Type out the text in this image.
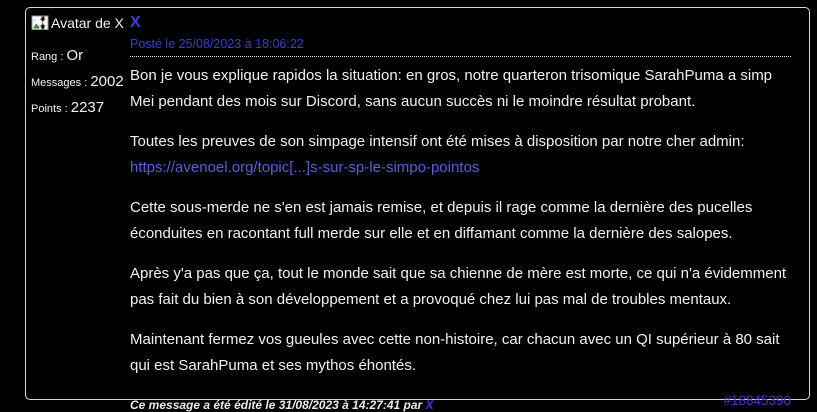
Avatar de X
Rang : Or
Messages : 2002
Points : 2237
X
Posté le 25/08/2023 à 18:06:22

Bon je vous explique rapidos la situation: en gros, notre quarteron trisomique SarahPuma a simp Mei pendant des mois sur Discord, sans aucun succès ni le moindre résultat probant.

Toutes les preuves de son simpage intensif ont été mises à disposition par notre cher admin:
https://avenoel.org/topic[...]s-sur-sp-le-simpo-pointos

Cette sous-merde ne s'en est jamais remise, et depuis il rage comme la dernière des pucelles éconduites en racontant full merde sur elle et en diffamant comme la dernière des salopes.

Après y'a pas que ça, tout le monde sait que sa chienne de mère est morte, ce qui n'a évidemment pas fait du bien à son développement et a provoqué chez lui pas mal de troubles mentaux.

Maintenant fermez vos gueules avec cette non-histoire, car chacun avec un QI supérieur à 80 sait qui est SarahPuma et ses mythos éhontés.

Ce message a été édité le 31/08/2023 à 14:27:41 par X	#18845390
